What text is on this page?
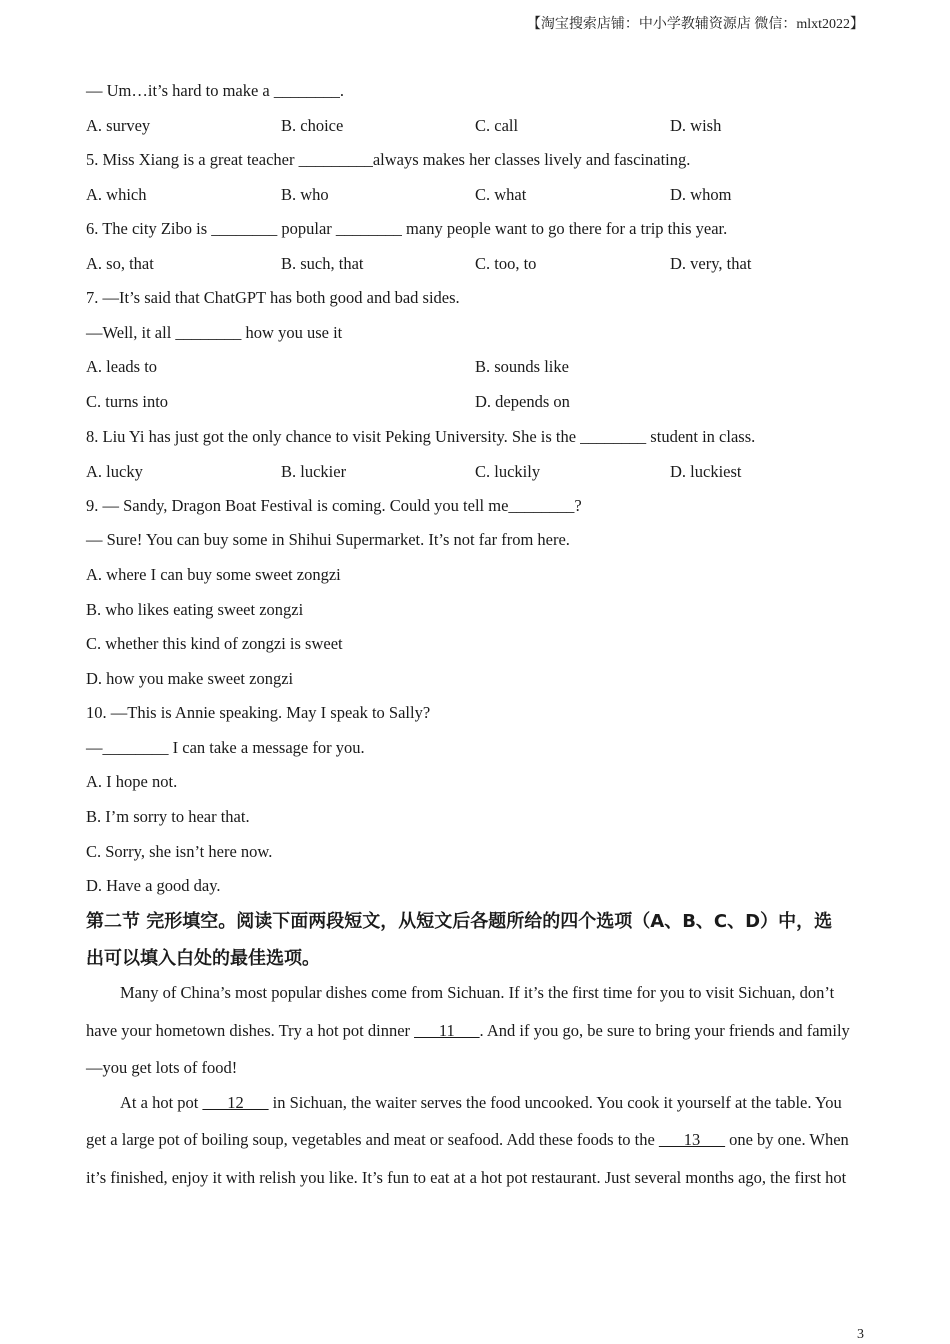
【淘宝搜索店铺：中小学教辅资源店 微信：mlxt2022】
— Um…it’s hard to make a ________.
A. survey	B. choice	C. call	D. wish
5. Miss Xiang is a great teacher _________always makes her classes lively and fascinating.
A. which	B. who	C. what	D. whom
6. The city Zibo is ________ popular ________ many people want to go there for a trip this year.
A. so, that	B. such, that	C. too, to	D. very, that
7. —It’s said that ChatGPT has both good and bad sides.
—Well, it all ________ how you use it
A. leads to	B. sounds like
C. turns into	D. depends on
8. Liu Yi has just got the only chance to visit Peking University. She is the ________ student in class.
A. lucky	B. luckier	C. luckily	D. luckiest
9. — Sandy, Dragon Boat Festival is coming. Could you tell me________?
— Sure! You can buy some in Shihui Supermarket. It’s not far from here.
A. where I can buy some sweet zongzi
B. who likes eating sweet zongzi
C. whether this kind of zongzi is sweet
D. how you make sweet zongzi
10. —This is Annie speaking. May I speak to Sally?
—________ I can take a message for you.
A. I hope not.
B. I’m sorry to hear that.
C. Sorry, she isn’t here now.
D. Have a good day.
第二节 完形填空。阅读下面两段短文，从短文后各题所给的四个选项（A、B、C、D）中，选
出可以填入白处的最佳选项。
Many of China’s most popular dishes come from Sichuan. If it’s the first time for you to visit Sichuan, don’t
have your hometown dishes. Try a hot pot dinner ___11___. And if you go, be sure to bring your friends and family
—you get lots of food!
At a hot pot ___12___ in Sichuan, the waiter serves the food uncooked. You cook it yourself at the table. You
get a large pot of boiling soup, vegetables and meat or seafood. Add these foods to the ___13___ one by one. When
it’s finished, enjoy it with relish you like. It’s fun to eat at a hot pot restaurant. Just several months ago, the first hot
3
